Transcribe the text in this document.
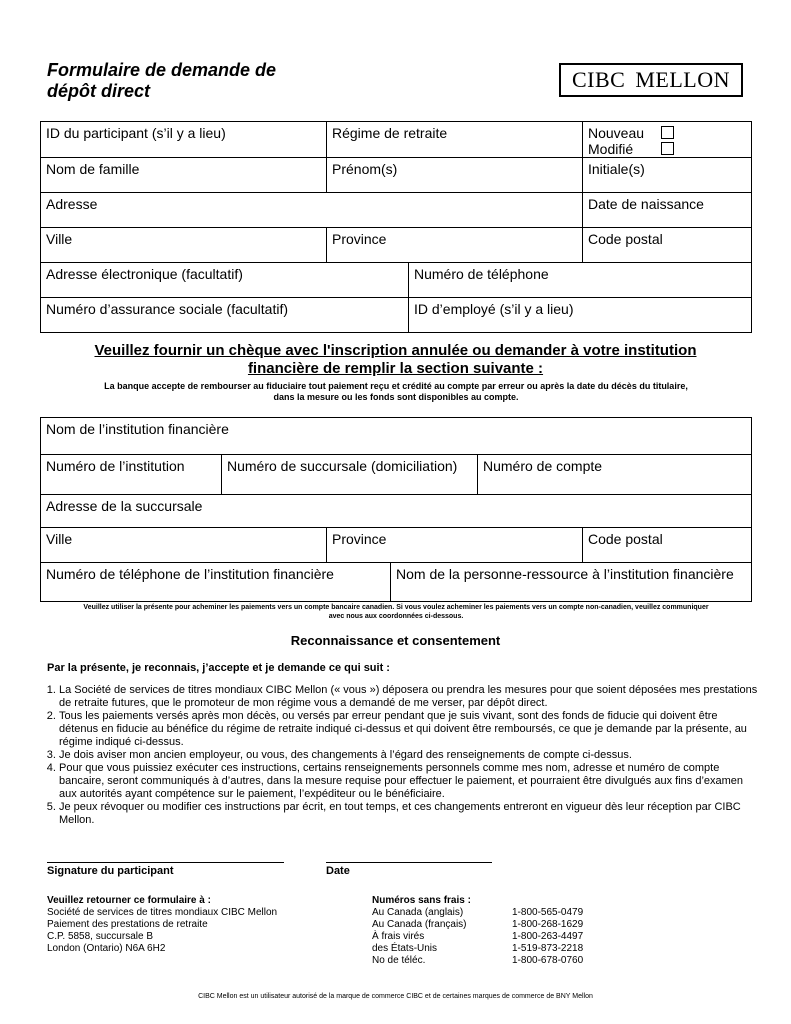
Formulaire de demande de
dépôt direct	CIBC MELLON
ID du participant (s’il y a lieu)	Régime de retraite	Nouveau
Modifié
Nom de famille	Prénom(s)	Initiale(s)
Adresse	Date de naissance
Ville	Province	Code postal
Adresse électronique (facultatif)	Numéro de téléphone
Numéro d’assurance sociale (facultatif)	ID d’employé (s’il y a lieu)
Veuillez fournir un chèque avec l'inscription annulée ou demander à votre institution
financière de remplir la section suivante :
La banque accepte de rembourser au fiduciaire tout paiement reçu et crédité au compte par erreur ou après la date du décès du titulaire,
dans la mesure ou les fonds sont disponibles au compte.
Nom de l’institution financière
Numéro de l’institution	Numéro de succursale (domiciliation)	Numéro de compte
Adresse de la succursale
Ville	Province	Code postal
Numéro de téléphone de l’institution financière	Nom de la personne-ressource à l’institution financière
Veuillez utiliser la présente pour acheminer les paiements vers un compte bancaire canadien. Si vous voulez acheminer les paiements vers un compte non-canadien, veuillez communiquer
avec nous aux coordonnées ci-dessous.
Reconnaissance et consentement
Par la présente, je reconnais, j’accepte et je demande ce qui suit :
1. La Société de services de titres mondiaux CIBC Mellon (« vous ») déposera ou prendra les mesures pour que soient déposées mes prestations de retraite futures, que le promoteur de mon régime vous a demandé de me verser, par dépôt direct.
2. Tous les paiements versés après mon décès, ou versés par erreur pendant que je suis vivant, sont des fonds de fiducie qui doivent être détenus en fiducie au bénéfice du régime de retraite indiqué ci-dessus et qui doivent être remboursés, ce que je demande par la présente, au régime indiqué ci-dessus.
3. Je dois aviser mon ancien employeur, ou vous, des changements à l’égard des renseignements de compte ci-dessus.
4. Pour que vous puissiez exécuter ces instructions, certains renseignements personnels comme mes nom, adresse et numéro de compte bancaire, seront communiqués à d’autres, dans la mesure requise pour effectuer le paiement, et pourraient être divulgués aux fins d’examen aux autorités ayant compétence sur le paiement, l’expéditeur ou le bénéficiaire.
5. Je peux révoquer ou modifier ces instructions par écrit, en tout temps, et ces changements entreront en vigueur dès leur réception par CIBC Mellon.
Signature du participant	Date
Veuillez retourner ce formulaire à :
Société de services de titres mondiaux CIBC Mellon
Paiement des prestations de retraite
C.P. 5858, succursale B
London (Ontario) N6A 6H2
Numéros sans frais :
Au Canada (anglais)	1-800-565-0479
Au Canada (français)	1-800-268-1629
À frais virés	1-800-263-4497
des États-Unis	1-519-873-2218
No de téléc.	1-800-678-0760
CIBC Mellon est un utilisateur autorisé de la marque de commerce CIBC et de certaines marques de commerce de BNY Mellon
